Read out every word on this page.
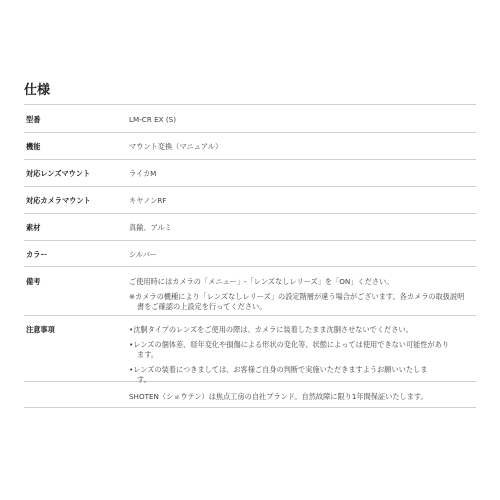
仕様
型番	LM-CR EX (S)
機能	マウント変換（マニュアル）
対応レンズマウント	ライカM
対応カメラマウント	キヤノンRF
素材	真鍮、アルミ
カラー	シルバー
備考	ご使用時にはカメラの「メニュー」-「レンズなしレリーズ」を「ON」ください。
※カメラの機種により「レンズなしレリーズ」の設定階層が違う場合がございます。各カメラの取扱説明
書をご確認の上設定を行ってください。
注意事項	•沈胴タイプのレンズをご使用の際は、カメラに装着したまま沈胴させないでください。
•レンズの個体差、経年変化や損傷による形状の変化等、状態によっては使用できない可能性があり
ます。
•レンズの装着につきましては、お客様ご自身の判断で実施いただきますようお願いいたしま
す。
SHOTEN（ショウテン）は焦点工房の自社ブランド。自然故障に限り1年間保証いたします。
